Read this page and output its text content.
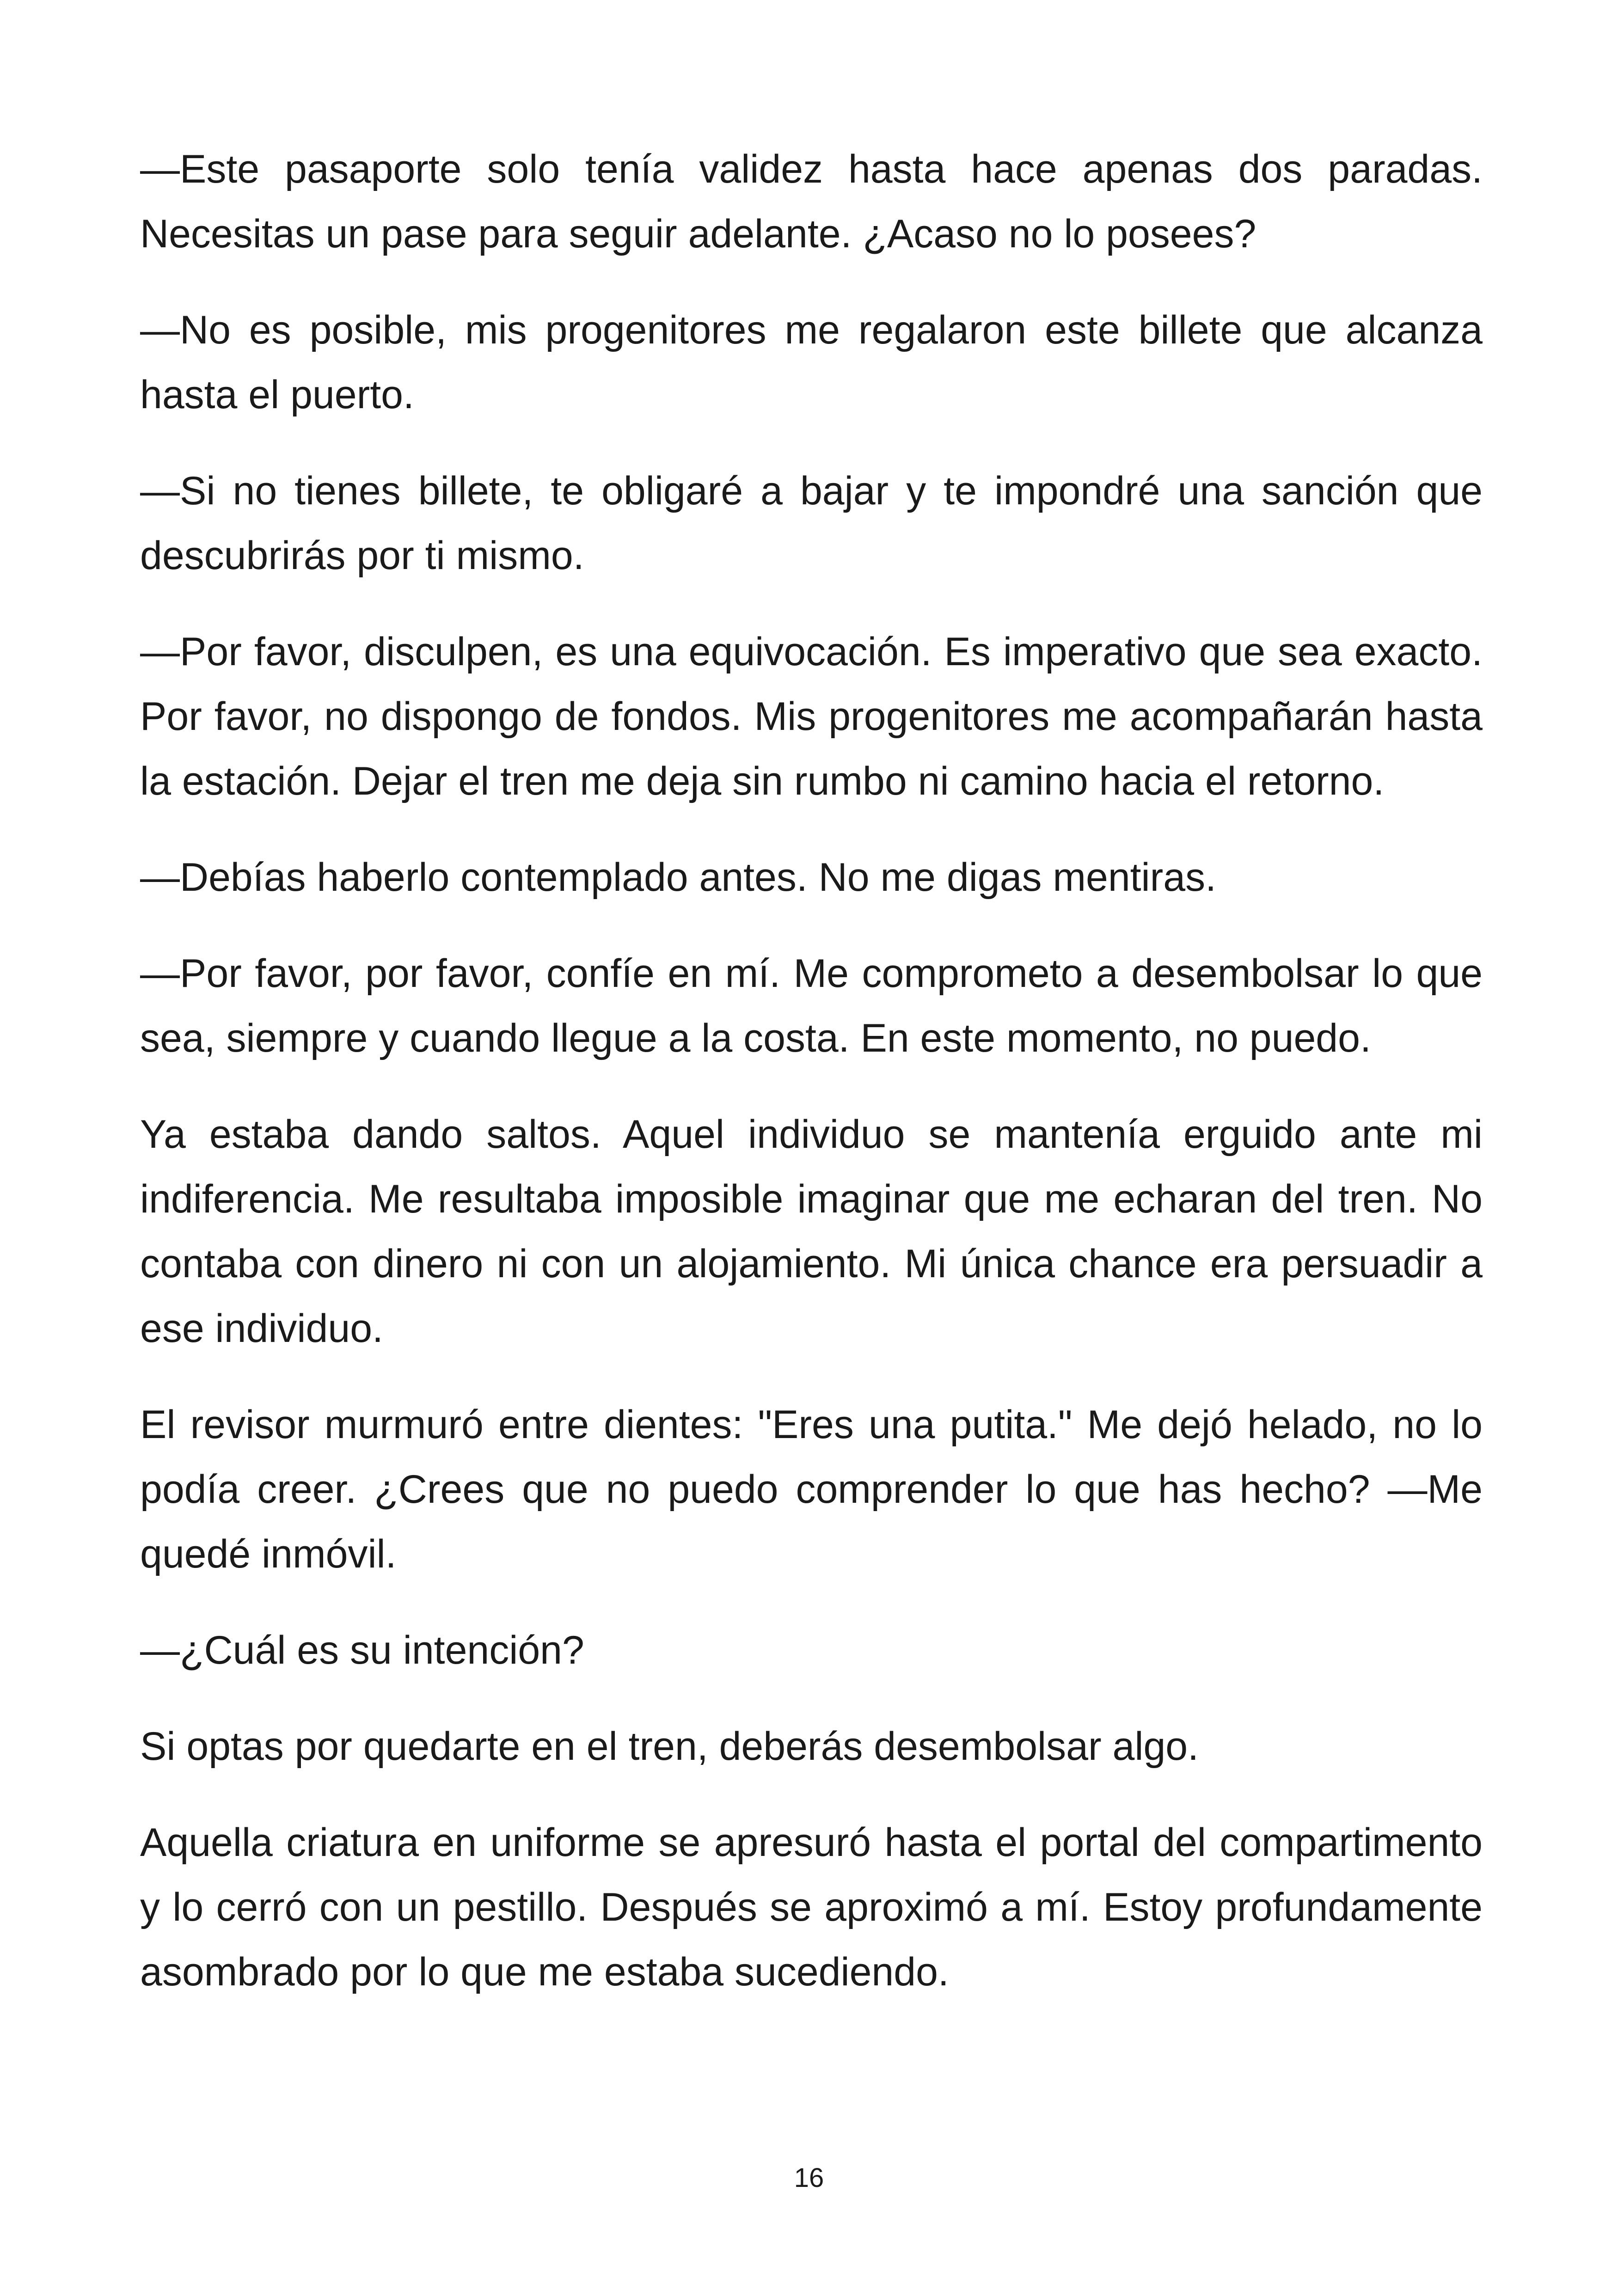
—Este pasaporte solo tenía validez hasta hace apenas dos paradas. Necesitas un pase para seguir adelante. ¿Acaso no lo posees?

—No es posible, mis progenitores me regalaron este billete que alcanza hasta el puerto.

—Si no tienes billete, te obligaré a bajar y te impondré una sanción que descubrirás por ti mismo.

—Por favor, disculpen, es una equivocación. Es imperativo que sea exacto. Por favor, no dispongo de fondos. Mis progenitores me acompañarán hasta la estación. Dejar el tren me deja sin rumbo ni camino hacia el retorno.

—Debías haberlo contemplado antes. No me digas mentiras.

—Por favor, por favor, confíe en mí. Me comprometo a desembolsar lo que sea, siempre y cuando llegue a la costa. En este momento, no puedo.

Ya estaba dando saltos. Aquel individuo se mantenía erguido ante mi indiferencia. Me resultaba imposible imaginar que me echaran del tren. No contaba con dinero ni con un alojamiento. Mi única chance era persuadir a ese individuo.

El revisor murmuró entre dientes: "Eres una putita." Me dejó helado, no lo podía creer. ¿Crees que no puedo comprender lo que has hecho? —Me quedé inmóvil.

—¿Cuál es su intención?

Si optas por quedarte en el tren, deberás desembolsar algo.

Aquella criatura en uniforme se apresuró hasta el portal del compartimento y lo cerró con un pestillo. Después se aproximó a mí. Estoy profundamente asombrado por lo que me estaba sucediendo.

16
